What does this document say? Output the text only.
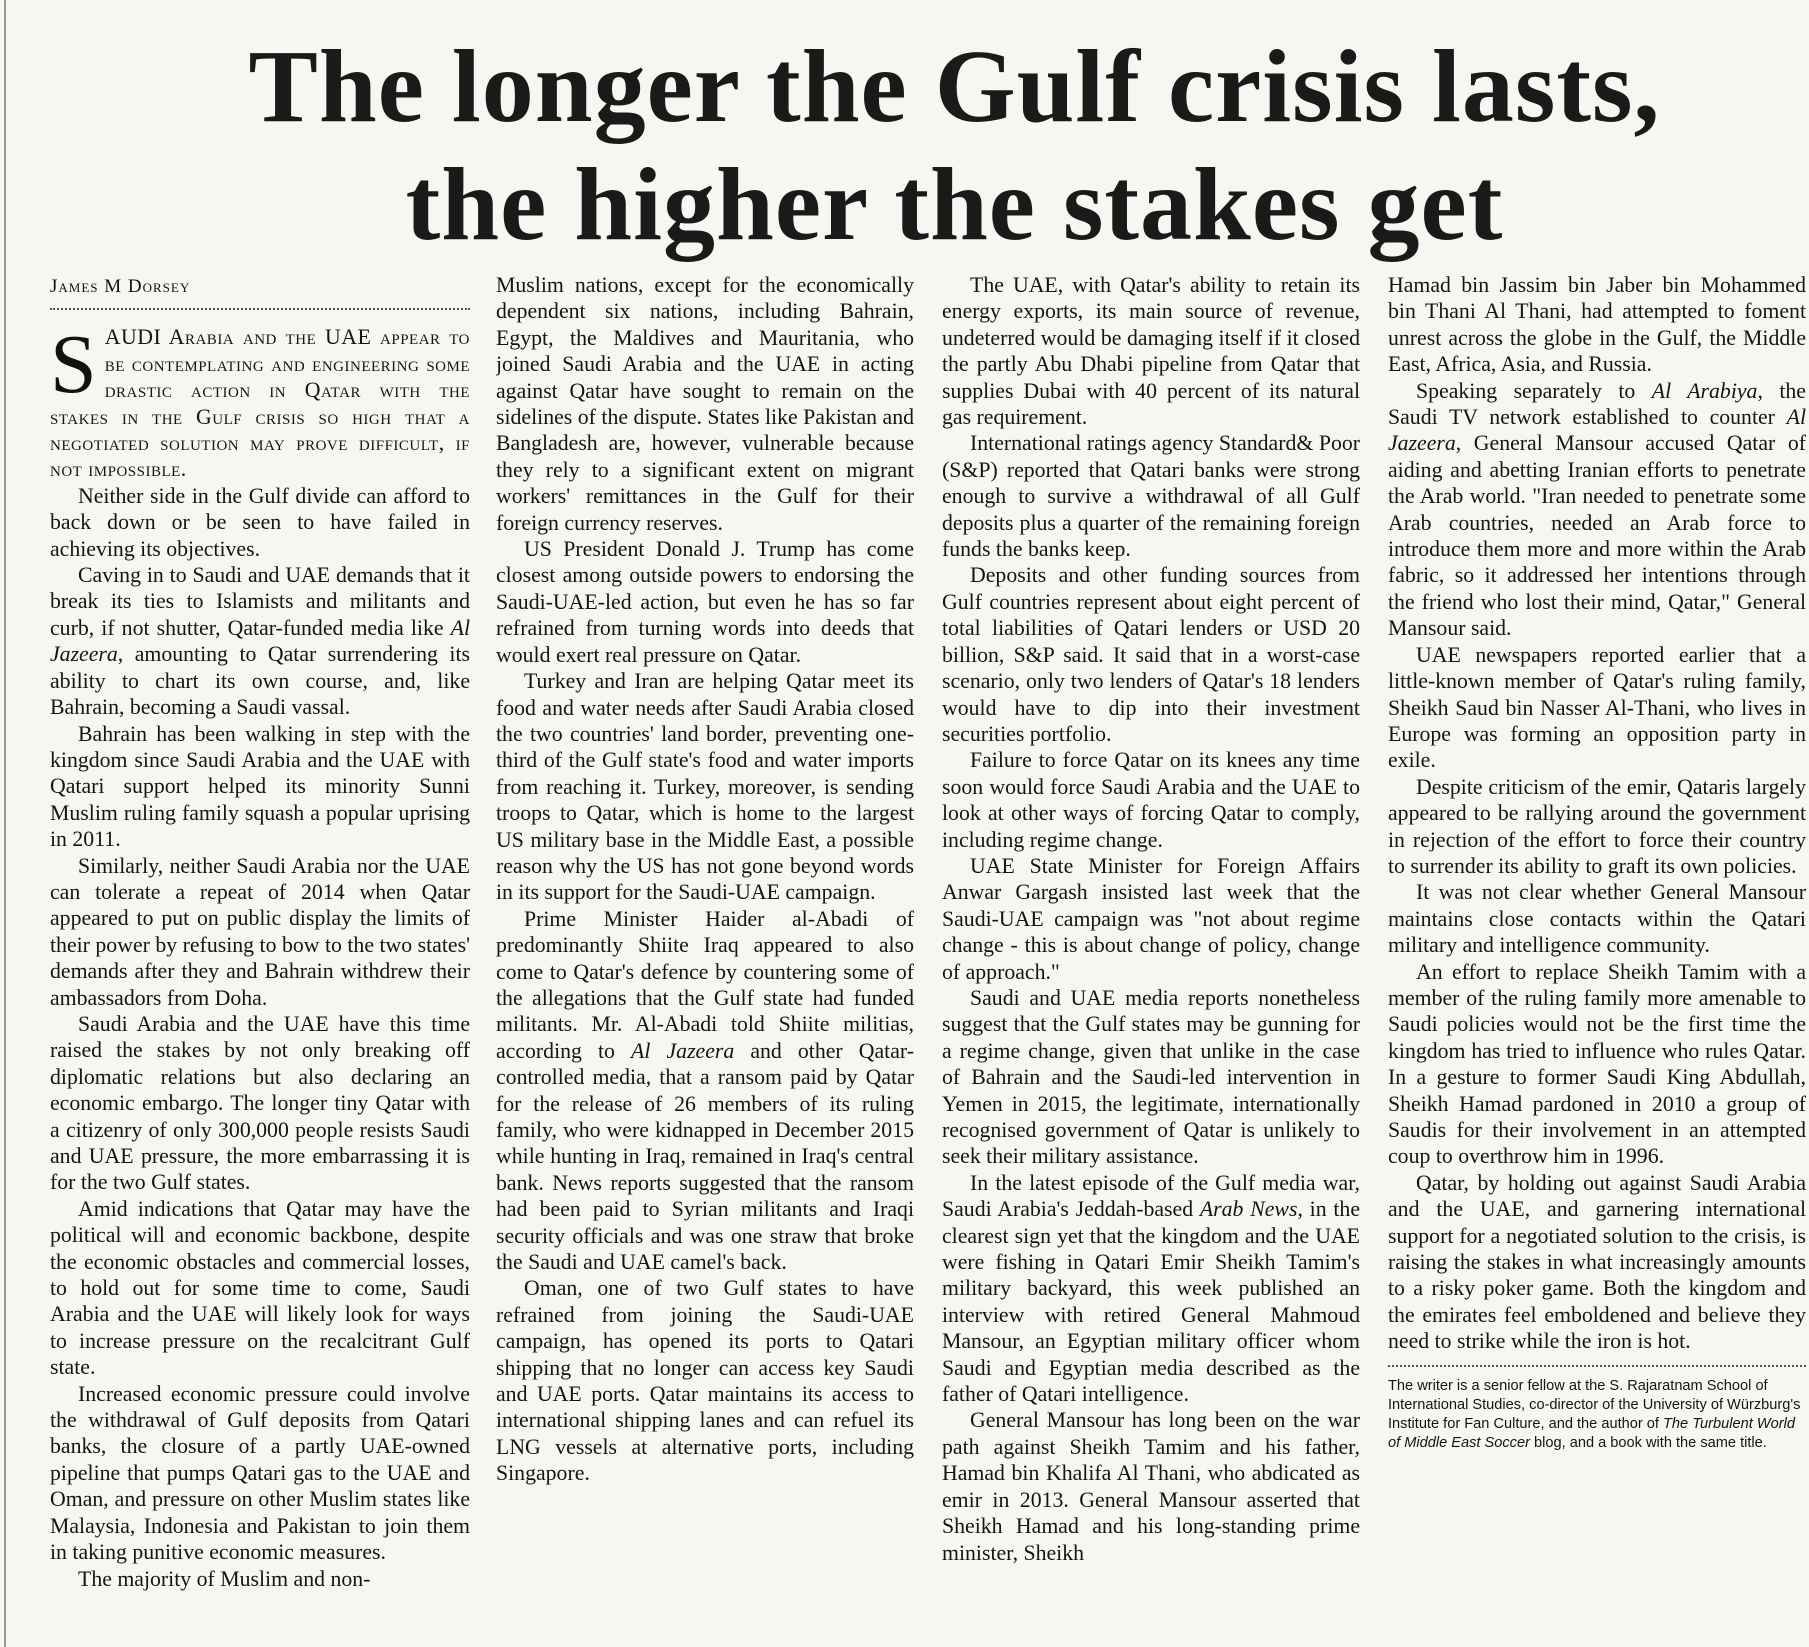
The longer the Gulf crisis lasts,
the higher the stakes get
James M Dorsey

SAUDI Arabia and the UAE appear to be contemplating and engineering some drastic action in Qatar with the stakes in the Gulf crisis so high that a negotiated solution may prove difficult, if not impossible.

Neither side in the Gulf divide can afford to back down or be seen to have failed in achieving its objectives.

Caving in to Saudi and UAE demands that it break its ties to Islamists and militants and curb, if not shutter, Qatar-funded media like Al Jazeera, amounting to Qatar surrendering its ability to chart its own course, and, like Bahrain, becoming a Saudi vassal.

Bahrain has been walking in step with the kingdom since Saudi Arabia and the UAE with Qatari support helped its minority Sunni Muslim ruling family squash a popular uprising in 2011.

Similarly, neither Saudi Arabia nor the UAE can tolerate a repeat of 2014 when Qatar appeared to put on public display the limits of their power by refusing to bow to the two states' demands after they and Bahrain withdrew their ambassadors from Doha.

Saudi Arabia and the UAE have this time raised the stakes by not only breaking off diplomatic relations but also declaring an economic embargo. The longer tiny Qatar with a citizenry of only 300,000 people resists Saudi and UAE pressure, the more embarrassing it is for the two Gulf states.

Amid indications that Qatar may have the political will and economic backbone, despite the economic obstacles and commercial losses, to hold out for some time to come, Saudi Arabia and the UAE will likely look for ways to increase pressure on the recalcitrant Gulf state.

Increased economic pressure could involve the withdrawal of Gulf deposits from Qatari banks, the closure of a partly UAE-owned pipeline that pumps Qatari gas to the UAE and Oman, and pressure on other Muslim states like Malaysia, Indonesia and Pakistan to join them in taking punitive economic measures.

The majority of Muslim and non-

Muslim nations, except for the economically dependent six nations, including Bahrain, Egypt, the Maldives and Mauritania, who joined Saudi Arabia and the UAE in acting against Qatar have sought to remain on the sidelines of the dispute. States like Pakistan and Bangladesh are, however, vulnerable because they rely to a significant extent on migrant workers' remittances in the Gulf for their foreign currency reserves.

US President Donald J. Trump has come closest among outside powers to endorsing the Saudi-UAE-led action, but even he has so far refrained from turning words into deeds that would exert real pressure on Qatar.

Turkey and Iran are helping Qatar meet its food and water needs after Saudi Arabia closed the two countries' land border, preventing one-third of the Gulf state's food and water imports from reaching it. Turkey, moreover, is sending troops to Qatar, which is home to the largest US military base in the Middle East, a possible reason why the US has not gone beyond words in its support for the Saudi-UAE campaign.

Prime Minister Haider al-Abadi of predominantly Shiite Iraq appeared to also come to Qatar's defence by countering some of the allegations that the Gulf state had funded militants. Mr. Al-Abadi told Shiite militias, according to Al Jazeera and other Qatar-controlled media, that a ransom paid by Qatar for the release of 26 members of its ruling family, who were kidnapped in December 2015 while hunting in Iraq, remained in Iraq's central bank. News reports suggested that the ransom had been paid to Syrian militants and Iraqi security officials and was one straw that broke the Saudi and UAE camel's back.

Oman, one of two Gulf states to have refrained from joining the Saudi-UAE campaign, has opened its ports to Qatari shipping that no longer can access key Saudi and UAE ports. Qatar maintains its access to international shipping lanes and can refuel its LNG vessels at alternative ports, including Singapore.

The UAE, with Qatar's ability to retain its energy exports, its main source of revenue, undeterred would be damaging itself if it closed the partly Abu Dhabi pipeline from Qatar that supplies Dubai with 40 percent of its natural gas requirement.

International ratings agency Standard& Poor (S&P) reported that Qatari banks were strong enough to survive a withdrawal of all Gulf deposits plus a quarter of the remaining foreign funds the banks keep.

Deposits and other funding sources from Gulf countries represent about eight percent of total liabilities of Qatari lenders or USD 20 billion, S&P said. It said that in a worst-case scenario, only two lenders of Qatar's 18 lenders would have to dip into their investment securities portfolio.

Failure to force Qatar on its knees any time soon would force Saudi Arabia and the UAE to look at other ways of forcing Qatar to comply, including regime change.

UAE State Minister for Foreign Affairs Anwar Gargash insisted last week that the Saudi-UAE campaign was "not about regime change - this is about change of policy, change of approach."

Saudi and UAE media reports nonetheless suggest that the Gulf states may be gunning for a regime change, given that unlike in the case of Bahrain and the Saudi-led intervention in Yemen in 2015, the legitimate, internationally recognised government of Qatar is unlikely to seek their military assistance.

In the latest episode of the Gulf media war, Saudi Arabia's Jeddah-based Arab News, in the clearest sign yet that the kingdom and the UAE were fishing in Qatari Emir Sheikh Tamim's military backyard, this week published an interview with retired General Mahmoud Mansour, an Egyptian military officer whom Saudi and Egyptian media described as the father of Qatari intelligence.

General Mansour has long been on the war path against Sheikh Tamim and his father, Hamad bin Khalifa Al Thani, who abdicated as emir in 2013. General Mansour asserted that Sheikh Hamad and his long-standing prime minister, Sheikh

Hamad bin Jassim bin Jaber bin Mohammed bin Thani Al Thani, had attempted to foment unrest across the globe in the Gulf, the Middle East, Africa, Asia, and Russia.

Speaking separately to Al Arabiya, the Saudi TV network established to counter Al Jazeera, General Mansour accused Qatar of aiding and abetting Iranian efforts to penetrate the Arab world. "Iran needed to penetrate some Arab countries, needed an Arab force to introduce them more and more within the Arab fabric, so it addressed her intentions through the friend who lost their mind, Qatar," General Mansour said.

UAE newspapers reported earlier that a little-known member of Qatar's ruling family, Sheikh Saud bin Nasser Al-Thani, who lives in Europe was forming an opposition party in exile.

Despite criticism of the emir, Qataris largely appeared to be rallying around the government in rejection of the effort to force their country to surrender its ability to graft its own policies.

It was not clear whether General Mansour maintains close contacts within the Qatari military and intelligence community.

An effort to replace Sheikh Tamim with a member of the ruling family more amenable to Saudi policies would not be the first time the kingdom has tried to influence who rules Qatar. In a gesture to former Saudi King Abdullah, Sheikh Hamad pardoned in 2010 a group of Saudis for their involvement in an attempted coup to overthrow him in 1996.

Qatar, by holding out against Saudi Arabia and the UAE, and garnering international support for a negotiated solution to the crisis, is raising the stakes in what increasingly amounts to a risky poker game. Both the kingdom and the emirates feel emboldened and believe they need to strike while the iron is hot.

The writer is a senior fellow at the S. Rajaratnam School of International Studies, co-director of the University of Würzburg's Institute for Fan Culture, and the author of The Turbulent World of Middle East Soccer blog, and a book with the same title.
